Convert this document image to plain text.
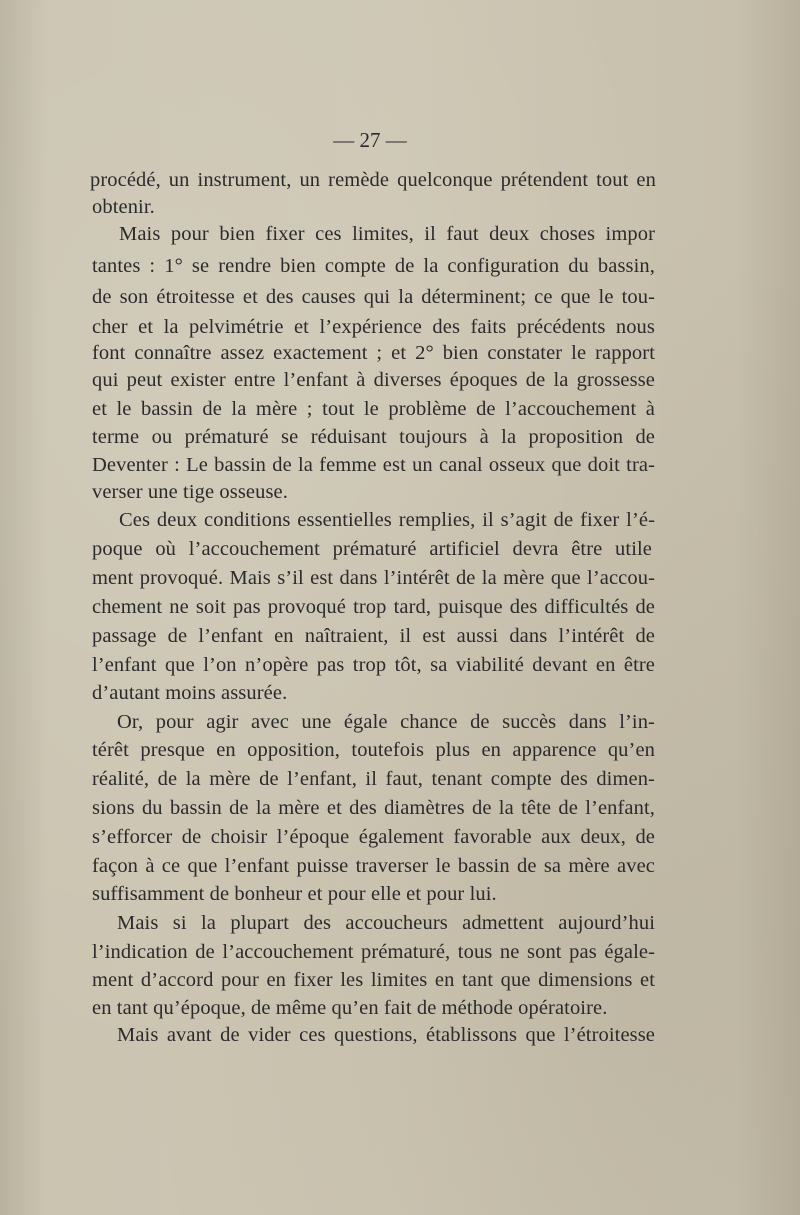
— 27 —
procédé, un instrument, un remède quelconque prétendent tout en
obtenir.
Mais pour bien fixer ces limites, il faut deux choses impor
tantes : 1° se rendre bien compte de la configuration du bassin,
de son étroitesse et des causes qui la déterminent; ce que le tou-
cher et la pelvimétrie et l’expérience des faits précédents nous
font connaître assez exactement ; et 2° bien constater le rapport
qui peut exister entre l’enfant à diverses époques de la grossesse
et le bassin de la mère ; tout le problème de l’accouchement à
terme ou prématuré se réduisant toujours à la proposition de
Deventer : Le bassin de la femme est un canal osseux que doit tra-
verser une tige osseuse.
Ces deux conditions essentielles remplies, il s’agit de fixer l’é-
poque où l’accouchement prématuré artificiel devra être utile
ment provoqué. Mais s’il est dans l’intérêt de la mère que l’accou-
chement ne soit pas provoqué trop tard, puisque des difficultés de
passage de l’enfant en naîtraient, il est aussi dans l’intérêt de
l’enfant que l’on n’opère pas trop tôt, sa viabilité devant en être
d’autant moins assurée.
Or, pour agir avec une égale chance de succès dans l’in-
térêt presque en opposition, toutefois plus en apparence qu’en
réalité, de la mère de l’enfant, il faut, tenant compte des dimen-
sions du bassin de la mère et des diamètres de la tête de l’enfant,
s’efforcer de choisir l’époque également favorable aux deux, de
façon à ce que l’enfant puisse traverser le bassin de sa mère avec
suffisamment de bonheur et pour elle et pour lui.
Mais si la plupart des accoucheurs admettent aujourd’hui
l’indication de l’accouchement prématuré, tous ne sont pas égale-
ment d’accord pour en fixer les limites en tant que dimensions et
en tant qu’époque, de même qu’en fait de méthode opératoire.
Mais avant de vider ces questions, établissons que l’étroitesse
